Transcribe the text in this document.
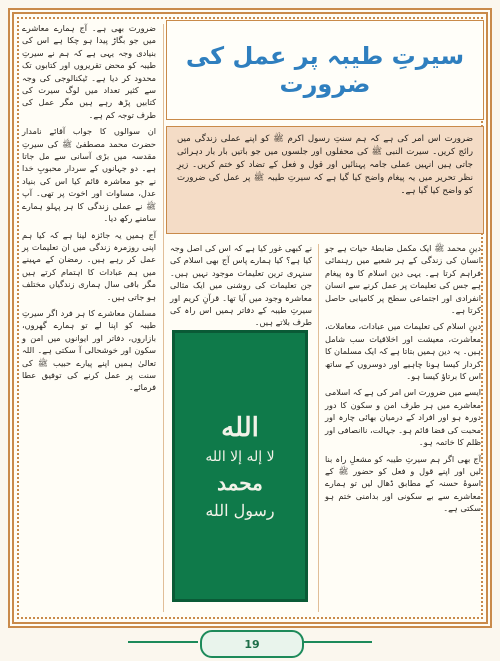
ضرورت بھی ہے۔ آج ہمارے معاشرے میں جو بگاڑ پیدا ہو چکا ہے اس کی بنیادی وجہ یہی ہے کہ ہم نے سیرتِ طیبہ کو محض تقریروں اور کتابوں تک محدود کر دیا ہے۔ ٹیکنالوجی کی وجہ سے کثیر تعداد میں لوگ سیرت کی کتابیں پڑھ رہے ہیں مگر عمل کی طرف توجہ کم ہے۔

ان سوالوں کا جواب آقائے نامدار حضرت محمد مصطفیٰ ﷺ کی سیرتِ مقدسہ میں بڑی آسانی سے مل جاتا ہے۔ دو جہانوں کے سردار محبوبِ خدا نے جو معاشرہ قائم کیا اس کی بنیاد عدل، مساوات اور اخوت پر تھی۔ آپ ﷺ نے عملی زندگی کا ہر پہلو ہمارے سامنے رکھ دیا۔

آج ہمیں یہ جائزہ لینا ہے کہ کیا ہم اپنی روزمرہ زندگی میں ان تعلیمات پر عمل کر رہے ہیں۔ رمضان کے مہینے میں ہم عبادات کا اہتمام کرتے ہیں مگر باقی سال ہماری زندگیاں مختلف ہو جاتی ہیں۔

مسلمان معاشرے کا ہر فرد اگر سیرتِ طیبہ کو اپنا لے تو ہمارے گھروں، بازاروں، دفاتر اور ایوانوں میں امن و سکون اور خوشحالی آ سکتی ہے۔ اللہ تعالیٰ ہمیں اپنے پیارے حبیب ﷺ کی سنت پر عمل کرنے کی توفیق عطا فرمائے۔

سیرتِ طیبہ پر عمل کی ضرورت
ضرورت اس امر کی ہے کہ ہم سنتِ رسول اکرم ﷺ کو اپنے عملی زندگی میں رائج کریں۔ سیرت النبی ﷺ کی محفلوں اور جلسوں میں جو باتیں بار بار دہرائی جاتی ہیں انہیں عملی جامہ پہنائیں اور قول و فعل کے تضاد کو ختم کریں۔ زیرِ نظر تحریر میں یہ پیغام واضح کیا گیا ہے کہ سیرتِ طیبہ ﷺ پر عمل کی ضرورت کو واضح کیا گیا ہے۔

نے کبھی غور کیا ہے کہ اس کی اصل وجہ کیا ہے؟ کیا ہمارے پاس آج بھی اسلام کی سنہری ترین تعلیمات موجود نہیں ہیں۔ جن تعلیمات کی روشنی میں ایک مثالی معاشرہ وجود میں آیا تھا۔ قرآنِ کریم اور سیرتِ طیبہ کے دفاتر ہمیں اس راہ کی طرف بلاتے ہیں۔

الله
لا إله إلا الله
محمد
رسول الله

دینِ محمد ﷺ ایک مکمل ضابطۂ حیات ہے جو انسان کی زندگی کے ہر شعبے میں رہنمائی فراہم کرتا ہے۔ یہی دین اسلام کا وہ پیغام ہے جس کی تعلیمات پر عمل کرنے سے انسان انفرادی اور اجتماعی سطح پر کامیابی حاصل کرتا ہے۔

دینِ اسلام کی تعلیمات میں عبادات، معاملات، معاشرت، معیشت اور اخلاقیات سب شامل ہیں۔ یہ دین ہمیں بتاتا ہے کہ ایک مسلمان کا کردار کیسا ہونا چاہیے اور دوسروں کے ساتھ اس کا برتاؤ کیسا ہو۔

ایسے میں ضرورت اس امر کی ہے کہ اسلامی معاشرے میں ہر طرف امن و سکون کا دور دورہ ہو اور افراد کے درمیان بھائی چارہ اور محبت کی فضا قائم ہو۔ جہالت، ناانصافی اور ظلم کا خاتمہ ہو۔

آج بھی اگر ہم سیرتِ طیبہ کو مشعلِ راہ بنا لیں اور اپنے قول و فعل کو حضور ﷺ کے اسوۂ حسنہ کے مطابق ڈھال لیں تو ہمارے معاشرے سے بے سکونی اور بدامنی ختم ہو سکتی ہے۔

19
